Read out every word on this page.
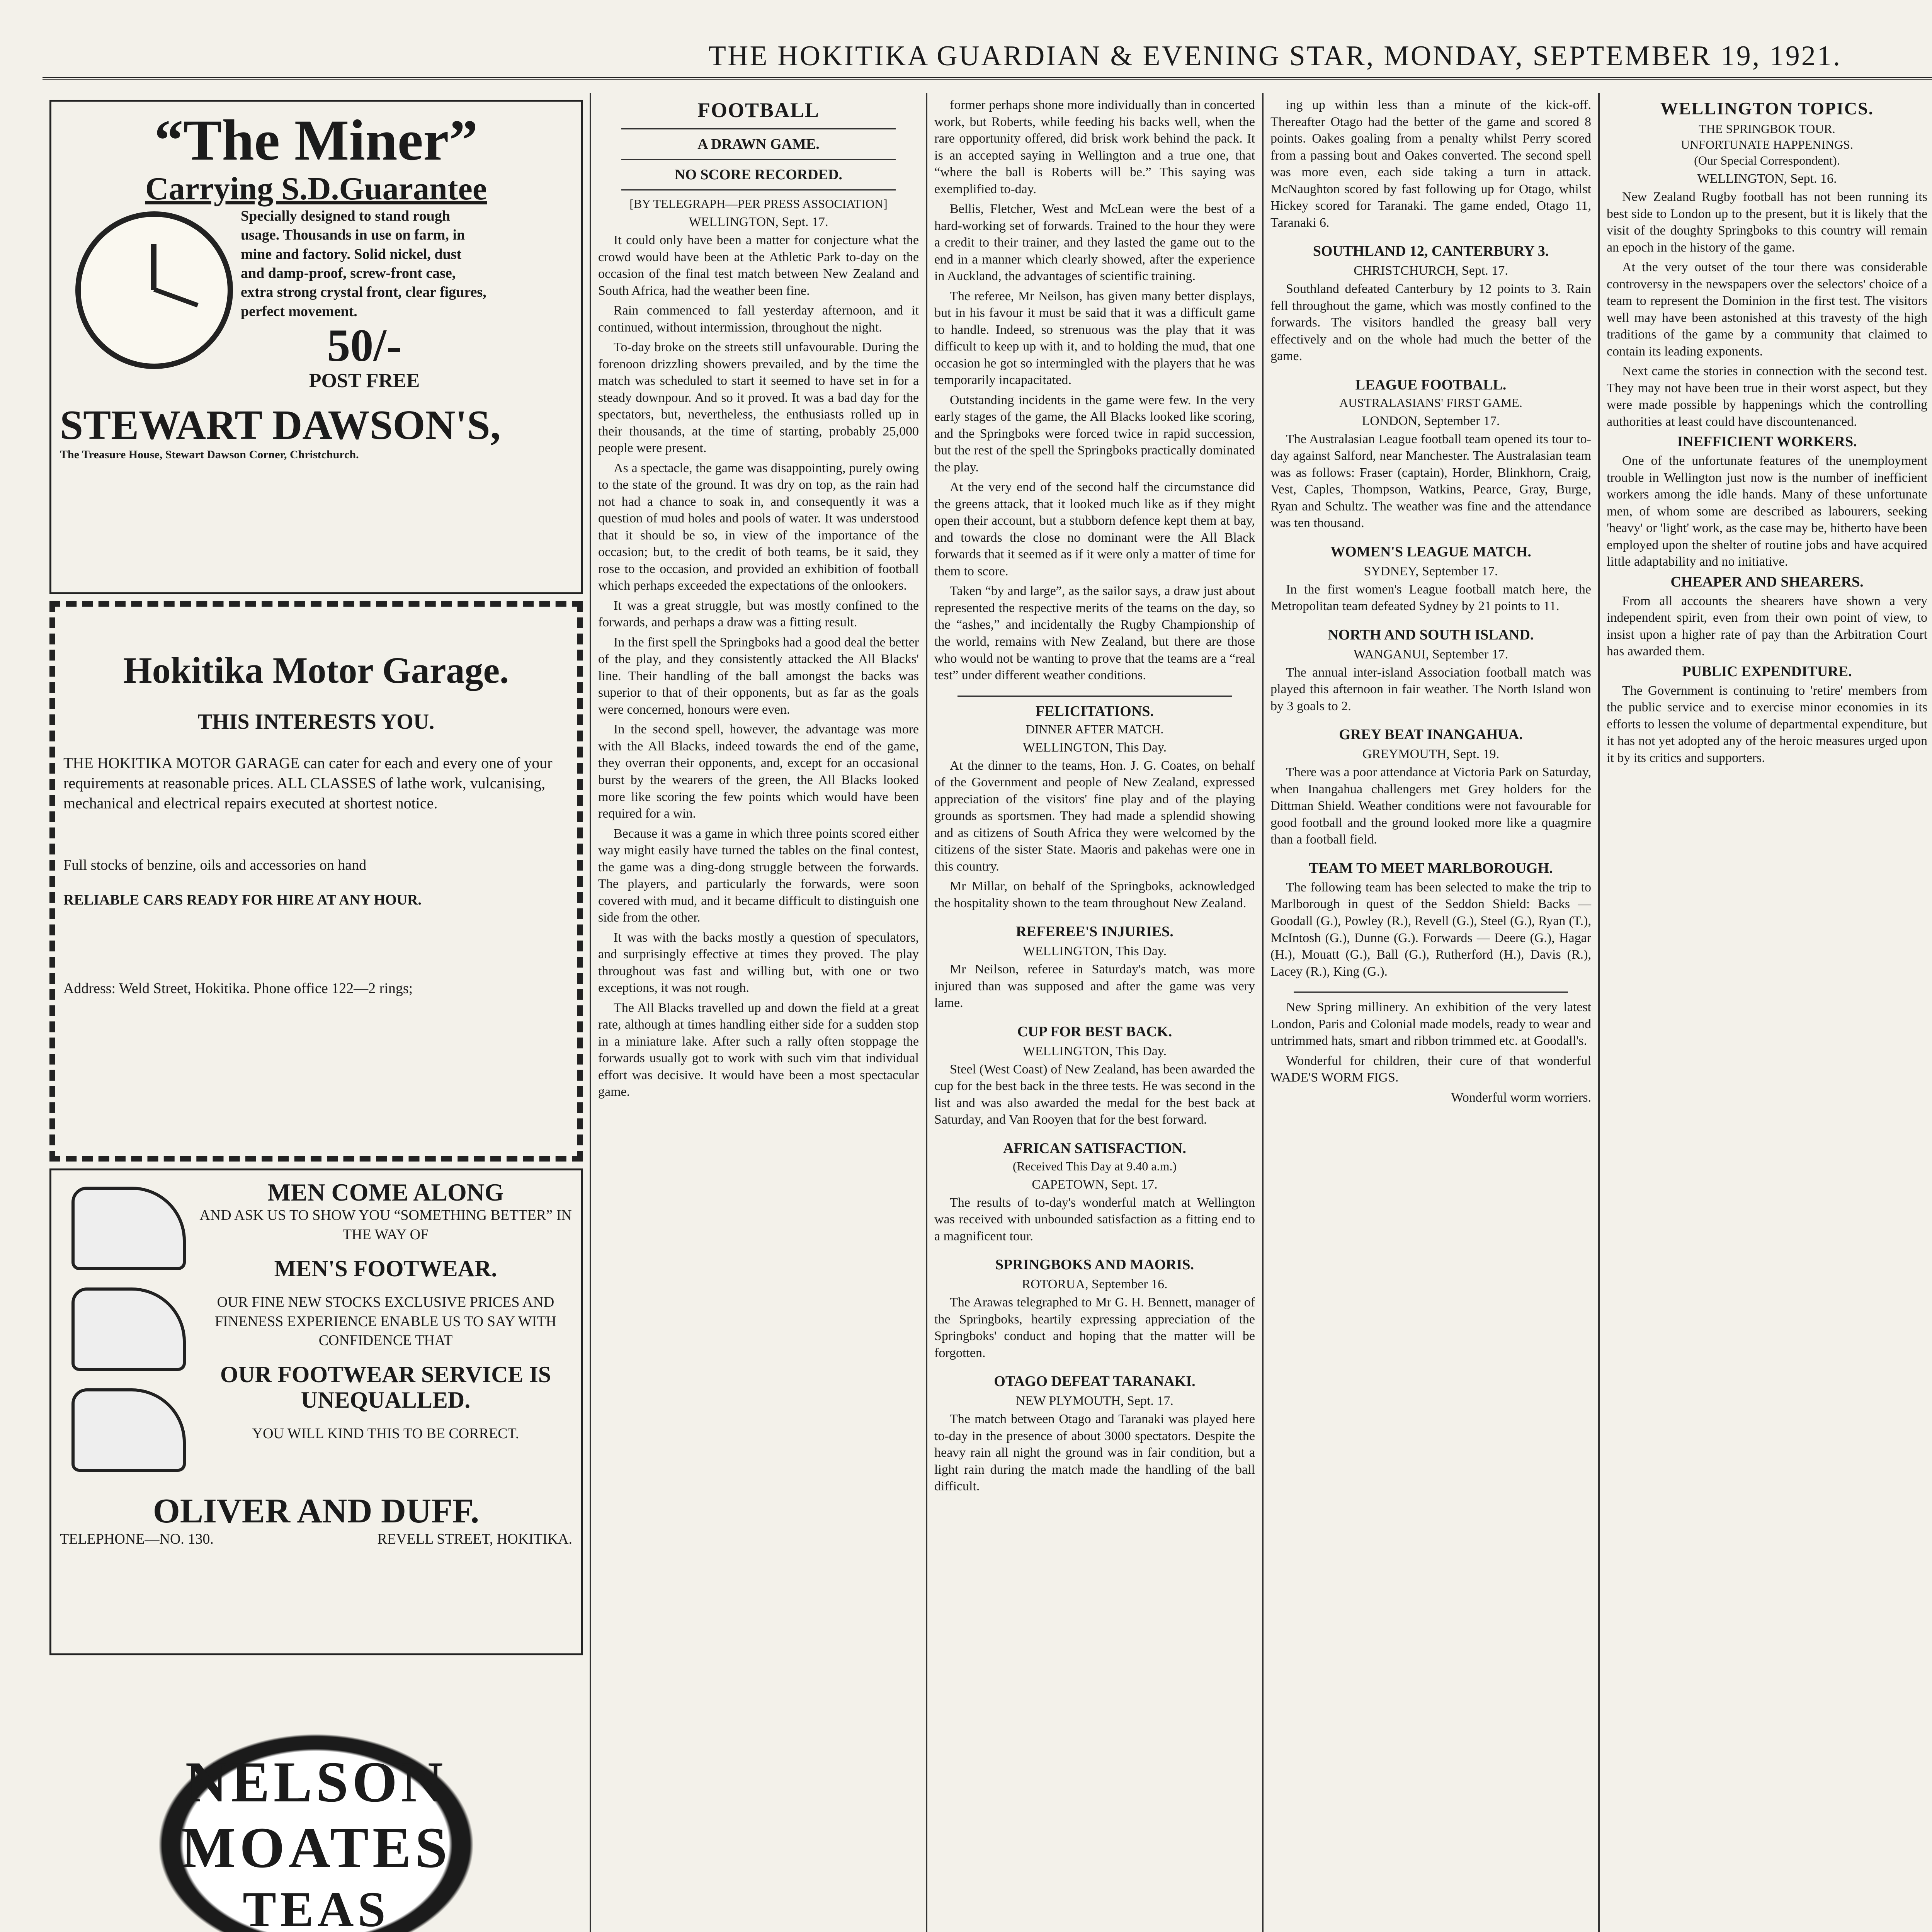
THE HOKITIKA GUARDIAN & EVENING STAR, MONDAY, SEPTEMBER 19, 1921.
“The Miner”
Carrying S.D.Guarantee
Specially designed to stand rough usage. Thousands in use on farm, in mine and factory. Solid nickel, dust and damp-proof, screw-front case, extra strong crystal front, clear figures, perfect movement.
50/-
POST FREE
STEWART DAWSON'S,
The Treasure House, Stewart Dawson Corner, Christchurch.
Hokitika Motor Garage.
THIS INTERESTS YOU.
THE HOKITIKA MOTOR GARAGE can cater for each and every one of your requirements at reasonable prices. ALL CLASSES of lathe work, vulcanising, mechanical and electrical repairs executed at shortest notice.
Full stocks of benzine, oils and accessories on hand
RELIABLE CARS READY FOR HIRE AT ANY HOUR.
Address: Weld Street, Hokitika. Phone office 122—2 rings;

MEN COME ALONG
AND ASK US TO SHOW YOU “SOMETHING BETTER” IN THE WAY OF
MEN'S FOOTWEAR.
OUR FINE NEW STOCKS EXCLUSIVE PRICES AND FINENESS EXPERIENCE ENABLE US TO SAY WITH CONFIDENCE THAT
OUR FOOTWEAR SERVICE IS UNEQUALLED.
YOU WILL KIND THIS TO BE CORRECT.
OLIVER AND DUFF.
TELEPHONE—NO. 130.	REVELL STREET, HOKITIKA.
NELSON
MOATES
TEAS
FOOTBALL
A DRAWN GAME.
NO SCORE RECORDED.
[BY TELEGRAPH—PER PRESS ASSOCIATION]
WELLINGTON, Sept. 17.

It could only have been a matter for conjecture what the crowd would have been at the Athletic Park to-day on the occasion of the final test match between New Zealand and South Africa, had the weather been fine.

Rain commenced to fall yesterday afternoon, and it continued, without intermission, throughout the night.

To-day broke on the streets still unfavourable. During the forenoon drizzling showers prevailed, and by the time the match was scheduled to start it seemed to have set in for a steady downpour. And so it proved. It was a bad day for the spectators, but, nevertheless, the enthusiasts rolled up in their thousands, at the time of starting, probably 25,000 people were present.

As a spectacle, the game was disappointing, purely owing to the state of the ground. It was dry on top, as the rain had not had a chance to soak in, and consequently it was a question of mud holes and pools of water. It was understood that it should be so, in view of the importance of the occasion; but, to the credit of both teams, be it said, they rose to the occasion, and provided an exhibition of football which perhaps exceeded the expectations of the onlookers.

It was a great struggle, but was mostly confined to the forwards, and perhaps a draw was a fitting result.

In the first spell the Springboks had a good deal the better of the play, and they consistently attacked the All Blacks' line. Their handling of the ball amongst the backs was superior to that of their opponents, but as far as the goals were concerned, honours were even.

In the second spell, however, the advantage was more with the All Blacks, indeed towards the end of the game, they overran their opponents, and, except for an occasional burst by the wearers of the green, the All Blacks looked more like scoring the few points which would have been required for a win.

Because it was a game in which three points scored either way might easily have turned the tables on the final contest, the game was a ding-dong struggle between the forwards. The players, and particularly the forwards, were soon covered with mud, and it became difficult to distinguish one side from the other.

It was with the backs mostly a question of speculators, and surprisingly effective at times they proved. The play throughout was fast and willing but, with one or two exceptions, it was not rough.

The All Blacks travelled up and down the field at a great rate, although at times handling either side for a sudden stop in a miniature lake. After such a rally often stoppage the forwards usually got to work with such vim that individual effort was decisive. It would have been a most spectacular game.

former perhaps shone more individually than in concerted work, but Roberts, while feeding his backs well, when the rare opportunity offered, did brisk work behind the pack. It is an accepted saying in Wellington and a true one, that “where the ball is Roberts will be.” This saying was exemplified to-day.

Bellis, Fletcher, West and McLean were the best of a hard-working set of forwards. Trained to the hour they were a credit to their trainer, and they lasted the game out to the end in a manner which clearly showed, after the experience in Auckland, the advantages of scientific training.

The referee, Mr Neilson, has given many better displays, but in his favour it must be said that it was a difficult game to handle. Indeed, so strenuous was the play that it was difficult to keep up with it, and to holding the mud, that one occasion he got so intermingled with the players that he was temporarily incapacitated.

Outstanding incidents in the game were few. In the very early stages of the game, the All Blacks looked like scoring, and the Springboks were forced twice in rapid succession, but the rest of the spell the Springboks practically dominated the play.

At the very end of the second half the circumstance did the greens attack, that it looked much like as if they might open their account, but a stubborn defence kept them at bay, and towards the close no dominant were the All Black forwards that it seemed as if it were only a matter of time for them to score.

Taken “by and large”, as the sailor says, a draw just about represented the respective merits of the teams on the day, so the “ashes,” and incidentally the Rugby Championship of the world, remains with New Zealand, but there are those who would not be wanting to prove that the teams are a “real test” under different weather conditions.

FELICITATIONS.
DINNER AFTER MATCH.
WELLINGTON, This Day.

At the dinner to the teams, Hon. J. G. Coates, on behalf of the Government and people of New Zealand, expressed appreciation of the visitors' fine play and of the playing grounds as sportsmen. They had made a splendid showing and as citizens of South Africa they were welcomed by the citizens of the sister State. Maoris and pakehas were one in this country.

Mr Millar, on behalf of the Springboks, acknowledged the hospitality shown to the team throughout New Zealand.

REFEREE'S INJURIES.
WELLINGTON, This Day.

Mr Neilson, referee in Saturday's match, was more injured than was supposed and after the game was very lame.

CUP FOR BEST BACK.
WELLINGTON, This Day.

Steel (West Coast) of New Zealand, has been awarded the cup for the best back in the three tests. He was second in the list and was also awarded the medal for the best back at Saturday, and Van Rooyen that for the best forward.

AFRICAN SATISFACTION.
(Received This Day at 9.40 a.m.)
CAPETOWN, Sept. 17.

The results of to-day's wonderful match at Wellington was received with unbounded satisfaction as a fitting end to a magnificent tour.

SPRINGBOKS AND MAORIS.
ROTORUA, September 16.

The Arawas telegraphed to Mr G. H. Bennett, manager of the Springboks, heartily expressing appreciation of the Springboks' conduct and hoping that the matter will be forgotten.

OTAGO DEFEAT TARANAKI.
NEW PLYMOUTH, Sept. 17.

The match between Otago and Taranaki was played here to-day in the presence of about 3000 spectators. Despite the heavy rain all night the ground was in fair condition, but a light rain during the match made the handling of the ball difficult.

ing up within less than a minute of the kick-off. Thereafter Otago had the better of the game and scored 8 points. Oakes goaling from a penalty whilst Perry scored from a passing bout and Oakes converted. The second spell was more even, each side taking a turn in attack. McNaughton scored by fast following up for Otago, whilst Hickey scored for Taranaki. The game ended, Otago 11, Taranaki 6.

SOUTHLAND 12, CANTERBURY 3.
CHRISTCHURCH, Sept. 17.

Southland defeated Canterbury by 12 points to 3. Rain fell throughout the game, which was mostly confined to the forwards. The visitors handled the greasy ball very effectively and on the whole had much the better of the game.

LEAGUE FOOTBALL.
AUSTRALASIANS' FIRST GAME.
LONDON, September 17.

The Australasian League football team opened its tour to-day against Salford, near Manchester. The Australasian team was as follows: Fraser (captain), Horder, Blinkhorn, Craig, Vest, Caples, Thompson, Watkins, Pearce, Gray, Burge, Ryan and Schultz. The weather was fine and the attendance was ten thousand.

WOMEN'S LEAGUE MATCH.
SYDNEY, September 17.

In the first women's League football match here, the Metropolitan team defeated Sydney by 21 points to 11.

NORTH AND SOUTH ISLAND.
WANGANUI, September 17.

The annual inter-island Association football match was played this afternoon in fair weather. The North Island won by 3 goals to 2.

GREY BEAT INANGAHUA.
GREYMOUTH, Sept. 19.

There was a poor attendance at Victoria Park on Saturday, when Inangahua challengers met Grey holders for the Dittman Shield. Weather conditions were not favourable for good football and the ground looked more like a quagmire than a football field.

TEAM TO MEET MARLBOROUGH.

The following team has been selected to make the trip to Marlborough in quest of the Seddon Shield: Backs — Goodall (G.), Powley (R.), Revell (G.), Steel (G.), Ryan (T.), McIntosh (G.), Dunne (G.). Forwards — Deere (G.), Hagar (H.), Mouatt (G.), Ball (G.), Rutherford (H.), Davis (R.), Lacey (R.), King (G.).

New Spring millinery. An exhibition of the very latest London, Paris and Colonial made models, ready to wear and untrimmed hats, smart and ribbon trimmed etc. at Goodall's.

Wonderful for children, their cure of that wonderful WADE'S WORM FIGS.

Wonderful worm worriers.

WELLINGTON TOPICS.
THE SPRINGBOK TOUR.
UNFORTUNATE HAPPENINGS.
(Our Special Correspondent).
WELLINGTON, Sept. 16.

New Zealand Rugby football has not been running its best side to London up to the present, but it is likely that the visit of the doughty Springboks to this country will remain an epoch in the history of the game.

At the very outset of the tour there was considerable controversy in the newspapers over the selectors' choice of a team to represent the Dominion in the first test. The visitors well may have been astonished at this travesty of the high traditions of the game by a community that claimed to contain its leading exponents.

Next came the stories in connection with the second test. They may not have been true in their worst aspect, but they were made possible by happenings which the controlling authorities at least could have discountenanced.

INEFFICIENT WORKERS.

One of the unfortunate features of the unemployment trouble in Wellington just now is the number of inefficient workers among the idle hands. Many of these unfortunate men, of whom some are described as labourers, seeking 'heavy' or 'light' work, as the case may be, hitherto have been employed upon the shelter of routine jobs and have acquired little adaptability and no initiative.

CHEAPER AND SHEARERS.

From all accounts the shearers have shown a very independent spirit, even from their own point of view, to insist upon a higher rate of pay than the Arbitration Court has awarded them.

PUBLIC EXPENDITURE.

The Government is continuing to 'retire' members from the public service and to exercise minor economies in its efforts to lessen the volume of departmental expenditure, but it has not yet adopted any of the heroic measures urged upon it by its critics and supporters.
